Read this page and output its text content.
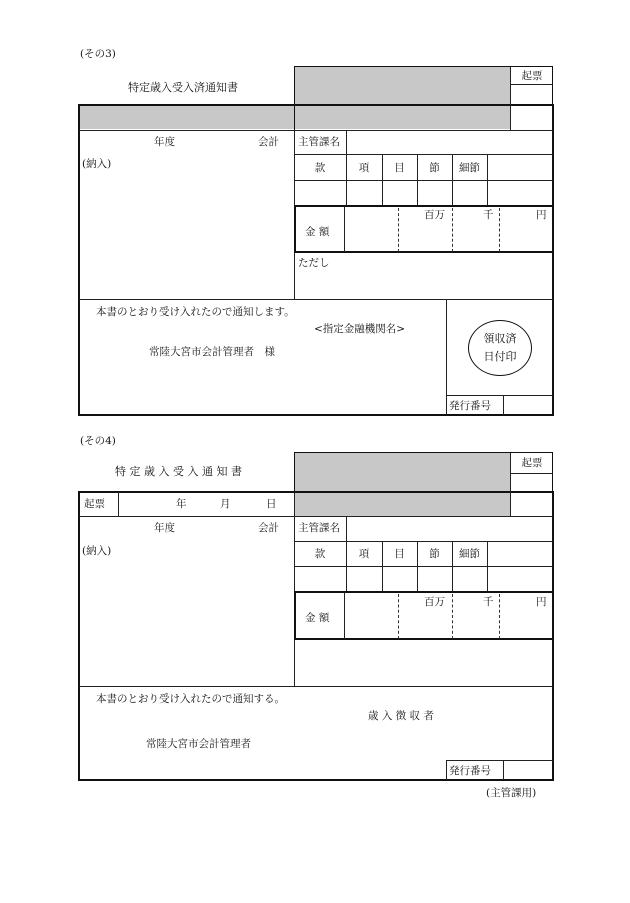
(その3)
特定歳入受入済通知書
起票
年度	会計 主管課名
(納入)	款	項	目	節	細節
金 額
百万	千	円
ただし
本書のとおり受け入れたので通知します。
<指定金融機関名>
常陸大宮市会計管理者　様
領収済
日付印
発行番号
(その4)
特 定 歳 入 受 入 通 知 書
起票
起票	年	月	日
年度	会計 主管課名
(納入)	款	項	目	節	細節
金 額
百万	千	円
本書のとおり受け入れたので通知する。
歳 入 徴 収 者
常陸大宮市会計管理者
発行番号
(主管課用)
